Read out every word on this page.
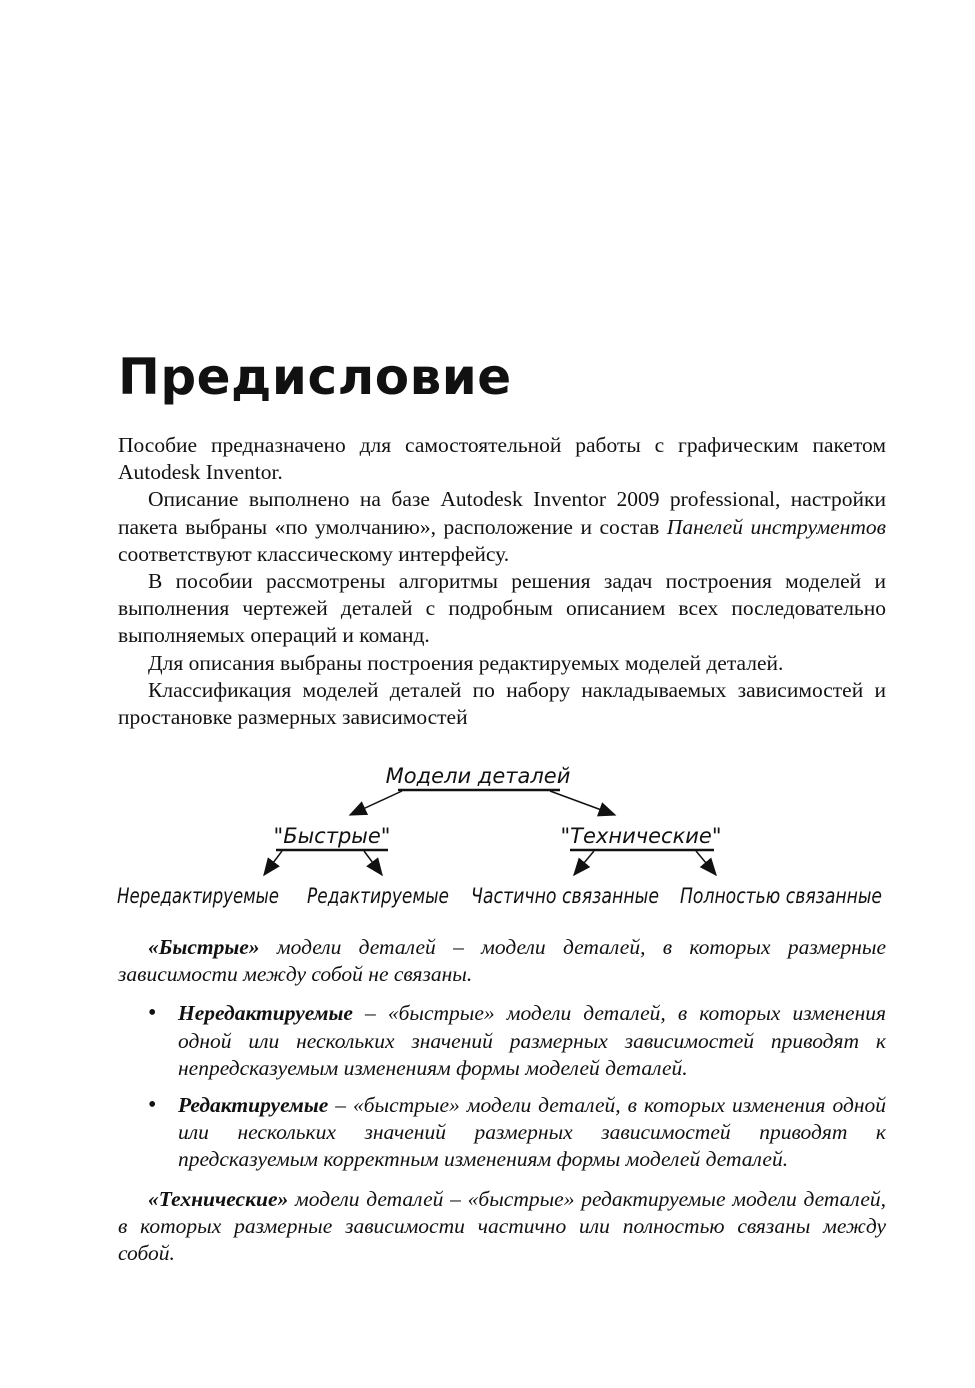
Предисловие

Пособие предназначено для самостоятельной работы с графическим пакетом Autodesk Inventor.

Описание выполнено на базе Autodesk Inventor 2009 professional, настройки пакета выбраны «по умолчанию», расположение и состав Панелей инструментов соответствуют классическому интерфейсу.

В пособии рассмотрены алгоритмы решения задач построения моделей и выполнения чертежей деталей с подробным описанием всех последовательно выполняемых операций и команд.

Для описания выбраны построения редактируемых моделей деталей.

Классификация моделей деталей по набору накладываемых зависимостей и простановке размерных зависимостей

Модели деталей
"Быстрые"	"Технические"
Нередактируемые Редактируемые Частично связанные Полностью связанные

«Быстрые» модели деталей – модели деталей, в которых размерные зависимости между собой не связаны.

• Нередактируемые – «быстрые» модели деталей, в которых изменения одной или нескольких значений размерных зависимостей приводят к непредсказуемым изменениям формы моделей деталей.
• Редактируемые – «быстрые» модели деталей, в которых изменения одной или нескольких значений размерных зависимостей приводят к предсказуемым корректным изменениям формы моделей деталей.

«Технические» модели деталей – «быстрые» редактируемые модели деталей, в которых размерные зависимости частично или полностью связаны между собой.
